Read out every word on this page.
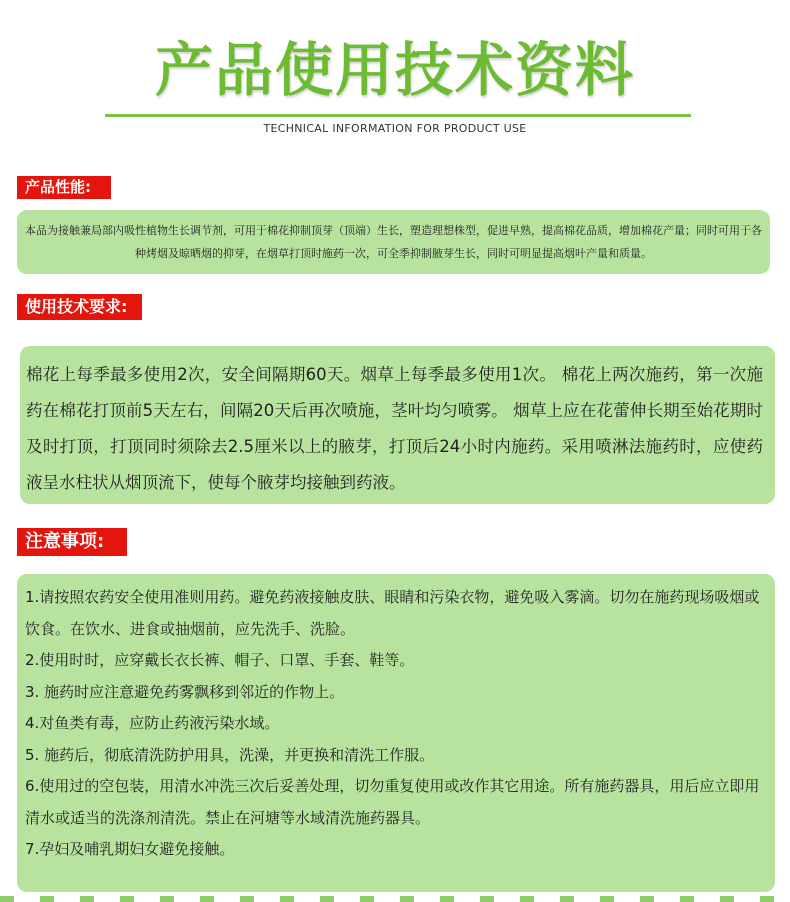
产品使用技术资料
TECHNICAL INFORMATION FOR PRODUCT USE
产品性能:
本品为接触兼局部内吸性植物生长调节剂，可用于棉花抑制顶芽（顶端）生长，塑造理想株型，促进早熟，提高棉花品质，增加棉花产量；同时可用于各种烤烟及晾晒烟的抑芽，在烟草打顶时施药一次，可全季抑制腋芽生长，同时可明显提高烟叶产量和质量。
使用技术要求:
棉花上每季最多使用2次，安全间隔期60天。烟草上每季最多使用1次。 棉花上两次施药，第一次施药在棉花打顶前5天左右，间隔20天后再次喷施，茎叶均匀喷雾。 烟草上应在花蕾伸长期至始花期时及时打顶，打顶同时须除去2.5厘米以上的腋芽，打顶后24小时内施药。采用喷淋法施药时，应使药液呈水柱状从烟顶流下，使每个腋芽均接触到药液。
注意事项:
1.请按照农药安全使用准则用药。避免药液接触皮肤、眼睛和污染衣物，避免吸入雾滴。切勿在施药现场吸烟或饮食。在饮水、进食或抽烟前，应先洗手、洗脸。
2.使用时时，应穿戴长衣长裤、帽子、口罩、手套、鞋等。
3. 施药时应注意避免药雾飘移到邻近的作物上。
4.对鱼类有毒，应防止药液污染水域。
5. 施药后，彻底清洗防护用具，洗澡，并更换和清洗工作服。
6.使用过的空包装，用清水冲洗三次后妥善处理，切勿重复使用或改作其它用途。所有施药器具，用后应立即用清水或适当的洗涤剂清洗。禁止在河塘等水域清洗施药器具。
7.孕妇及哺乳期妇女避免接触。
